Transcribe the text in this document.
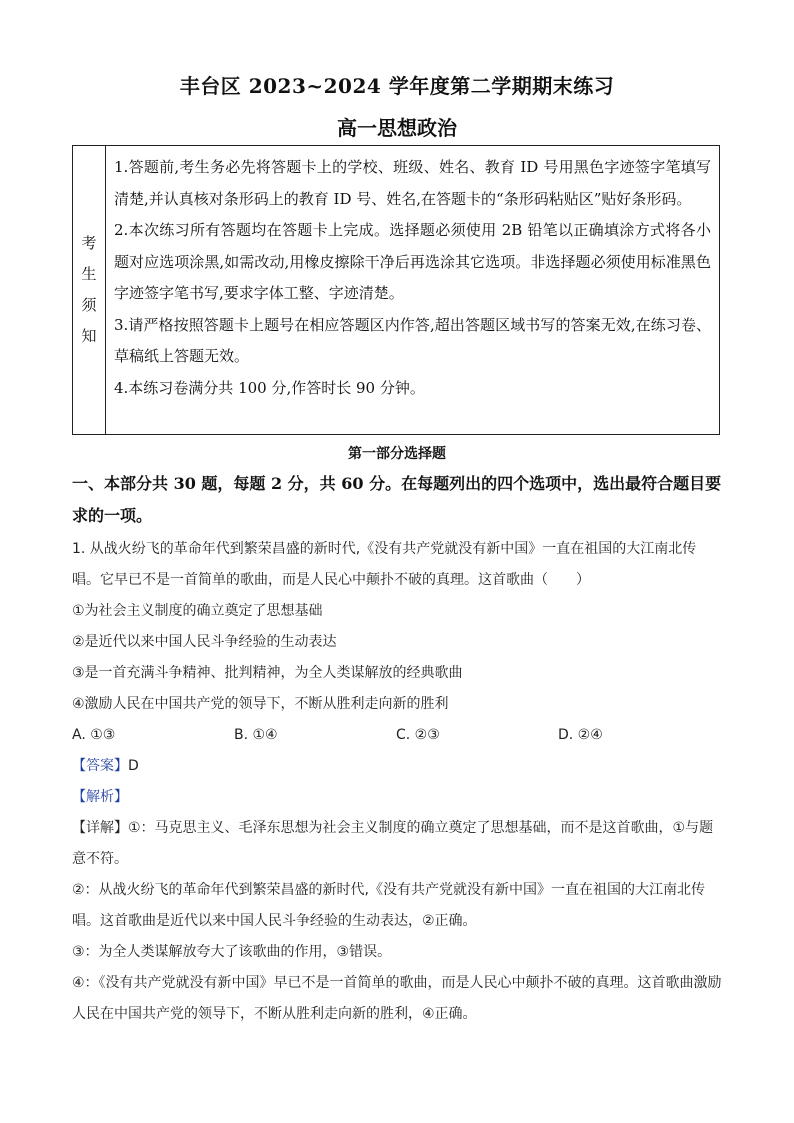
丰台区 2023~2024 学年度第二学期期末练习
高一思想政治
考
生
须
知

1.答题前,考生务必先将答题卡上的学校、班级、姓名、教育 ID 号用黑色字迹签字笔填写清楚,并认真核对条形码上的教育 ID 号、姓名,在答题卡的“条形码粘贴区”贴好条形码。

2.本次练习所有答题均在答题卡上完成。选择题必须使用 2B 铅笔以正确填涂方式将各小题对应选项涂黑,如需改动,用橡皮擦除干净后再选涂其它选项。非选择题必须使用标准黑色字迹签字笔书写,要求字体工整、字迹清楚。

3.请严格按照答题卡上题号在相应答题区内作答,超出答题区域书写的答案无效,在练习卷、草稿纸上答题无效。

4.本练习卷满分共 100 分,作答时长 90 分钟。

第一部分选择题
一、本部分共 30 题，每题 2 分，共 60 分。在每题列出的四个选项中，选出最符合题目要求的一项。

1. 从战火纷飞的革命年代到繁荣昌盛的新时代,《没有共产党就没有新中国》一直在祖国的大江南北传唱。它早已不是一首简单的歌曲，而是人民心中颠扑不破的真理。这首歌曲（　　）

①为社会主义制度的确立奠定了思想基础

②是近代以来中国人民斗争经验的生动表达

③是一首充满斗争精神、批判精神，为全人类谋解放的经典歌曲

④激励人民在中国共产党的领导下，不断从胜利走向新的胜利

A. ①③	B. ①④	C. ②③	D. ②④

【答案】D

【解析】

【详解】①：马克思主义、毛泽东思想为社会主义制度的确立奠定了思想基础，而不是这首歌曲，①与题意不符。

②：从战火纷飞的革命年代到繁荣昌盛的新时代,《没有共产党就没有新中国》一直在祖国的大江南北传唱。这首歌曲是近代以来中国人民斗争经验的生动表达，②正确。

③：为全人类谋解放夸大了该歌曲的作用，③错误。

④：《没有共产党就没有新中国》早已不是一首简单的歌曲，而是人民心中颠扑不破的真理。这首歌曲激励人民在中国共产党的领导下，不断从胜利走向新的胜利，④正确。
